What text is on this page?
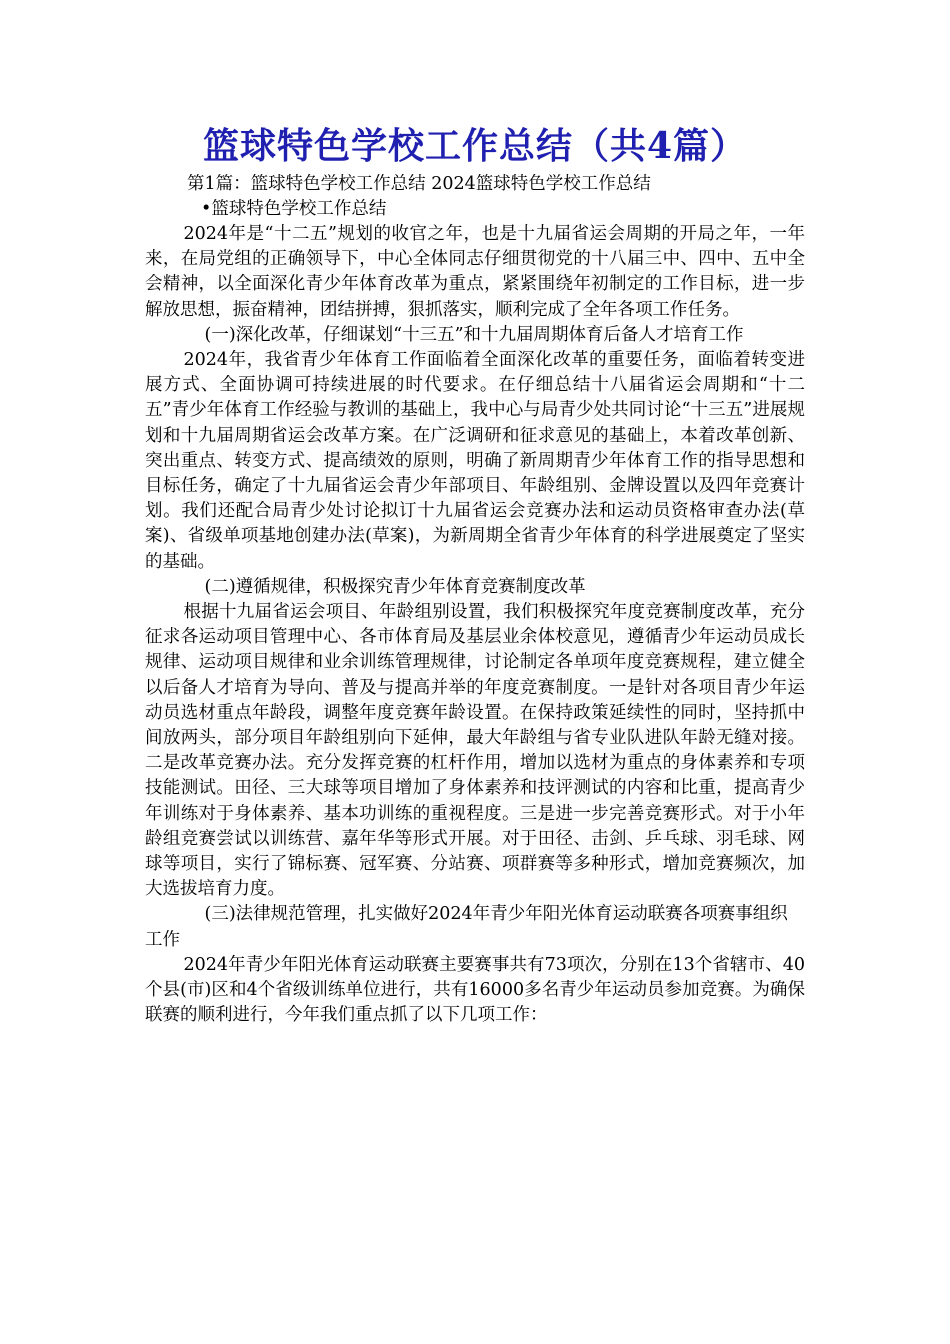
篮球特色学校工作总结（共4篇）

第1篇：篮球特色学校工作总结 2024篮球特色学校工作总结

•篮球特色学校工作总结

2024年是“十二五”规划的收官之年，也是十九届省运会周期的开局之年，一年来，在局党组的正确领导下，中心全体同志仔细贯彻党的十八届三中、四中、五中全会精神，以全面深化青少年体育改革为重点，紧紧围绕年初制定的工作目标，进一步解放思想，振奋精神，团结拼搏，狠抓落实，顺利完成了全年各项工作任务。

(一)深化改革，仔细谋划“十三五”和十九届周期体育后备人才培育工作

2024年，我省青少年体育工作面临着全面深化改革的重要任务，面临着转变进展方式、全面协调可持续进展的时代要求。在仔细总结十八届省运会周期和“十二五”青少年体育工作经验与教训的基础上，我中心与局青少处共同讨论“十三五”进展规划和十九届周期省运会改革方案。在广泛调研和征求意见的基础上，本着改革创新、突出重点、转变方式、提高绩效的原则，明确了新周期青少年体育工作的指导思想和目标任务，确定了十九届省运会青少年部项目、年龄组别、金牌设置以及四年竞赛计划。我们还配合局青少处讨论拟订十九届省运会竞赛办法和运动员资格审查办法(草案)、省级单项基地创建办法(草案)，为新周期全省青少年体育的科学进展奠定了坚实的基础。

(二)遵循规律，积极探究青少年体育竞赛制度改革

根据十九届省运会项目、年龄组别设置，我们积极探究年度竞赛制度改革，充分征求各运动项目管理中心、各市体育局及基层业余体校意见，遵循青少年运动员成长规律、运动项目规律和业余训练管理规律，讨论制定各单项年度竞赛规程，建立健全以后备人才培育为导向、普及与提高并举的年度竞赛制度。一是针对各项目青少年运动员选材重点年龄段，调整年度竞赛年龄设置。在保持政策延续性的同时，坚持抓中间放两头，部分项目年龄组别向下延伸，最大年龄组与省专业队进队年龄无缝对接。二是改革竞赛办法。充分发挥竞赛的杠杆作用，增加以选材为重点的身体素养和专项技能测试。田径、三大球等项目增加了身体素养和技评测试的内容和比重，提高青少年训练对于身体素养、基本功训练的重视程度。三是进一步完善竞赛形式。对于小年龄组竞赛尝试以训练营、嘉年华等形式开展。对于田径、击剑、乒乓球、羽毛球、网球等项目，实行了锦标赛、冠军赛、分站赛、项群赛等多种形式，增加竞赛频次，加大选拔培育力度。

(三)法律规范管理，扎实做好2024年青少年阳光体育运动联赛各项赛事组织工作

2024年青少年阳光体育运动联赛主要赛事共有73项次，分别在13个省辖市、40个县(市)区和4个省级训练单位进行，共有16000多名青少年运动员参加竞赛。为确保联赛的顺利进行，今年我们重点抓了以下几项工作：
